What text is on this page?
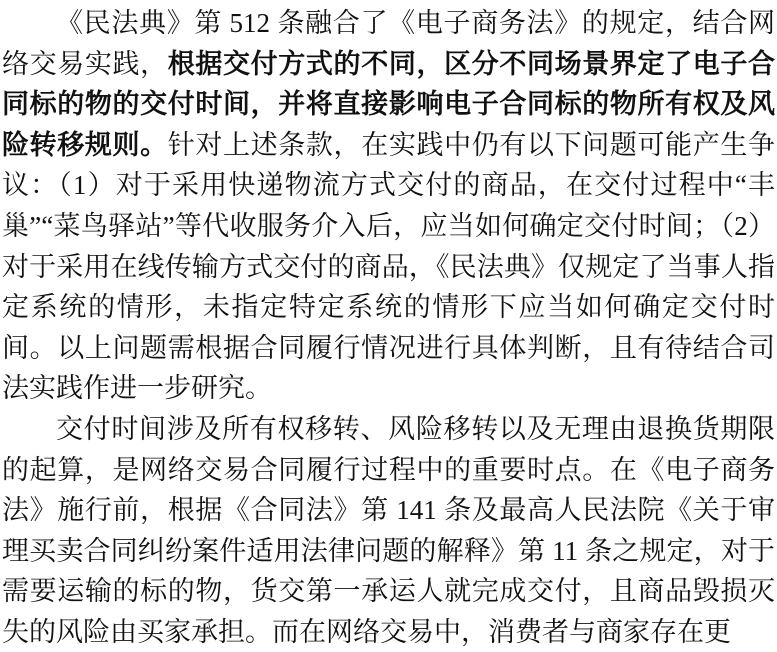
《民法典》第 512 条融合了《电子商务法》的规定，结合网络交易实践，根据交付方式的不同，区分不同场景界定了电子合同标的物的交付时间，并将直接影响电子合同标的物所有权及风险转移规则。针对上述条款，在实践中仍有以下问题可能产生争议：（1）对于采用快递物流方式交付的商品，在交付过程中“丰巢”“菜鸟驿站”等代收服务介入后，应当如何确定交付时间；（2）对于采用在线传输方式交付的商品，《民法典》仅规定了当事人指定系统的情形，未指定特定系统的情形下应当如何确定交付时间。以上问题需根据合同履行情况进行具体判断，且有待结合司法实践作进一步研究。

交付时间涉及所有权移转、风险移转以及无理由退换货期限的起算，是网络交易合同履行过程中的重要时点。在《电子商务法》施行前，根据《合同法》第 141 条及最高人民法院《关于审理买卖合同纠纷案件适用法律问题的解释》第 11 条之规定，对于需要运输的标的物，货交第一承运人就完成交付，且商品毁损灭失的风险由买家承担。而在网络交易中，消费者与商家存在更
